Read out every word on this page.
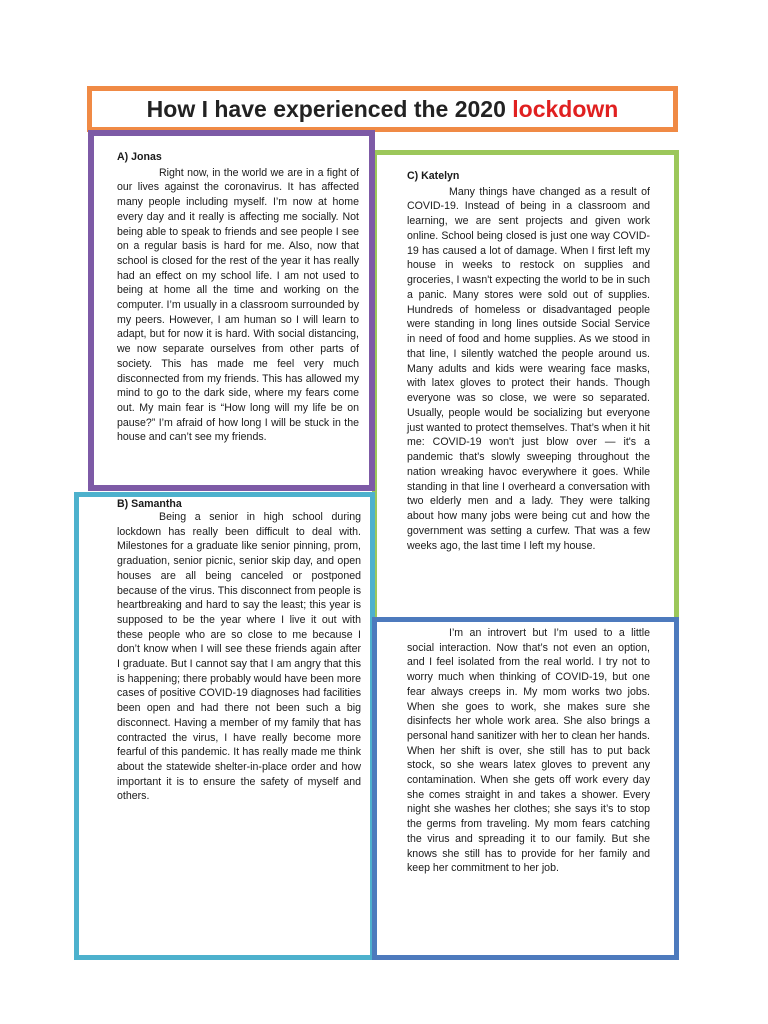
How I have experienced the 2020 lockdown

B) Samantha

Being a senior in high school during lockdown has really been difficult to deal with. Milestones for a graduate like senior pinning, prom, graduation, senior picnic, senior skip day, and open houses are all being canceled or postponed because of the virus. This disconnect from people is heartbreaking and hard to say the least; this year is supposed to be the year where I live it out with these people who are so close to me because I don’t know when I will see these friends again after I graduate. But I cannot say that I am angry that this is happening; there probably would have been more cases of positive COVID-19 diagnoses had facilities been open and had there not been such a big disconnect. Having a member of my family that has contracted the virus, I have really become more fearful of this pandemic. It has really made me think about the statewide shelter-in-place order and how important it is to ensure the safety of myself and others.

A) Jonas

Right now, in the world we are in a fight of our lives against the coronavirus. It has affected many people including myself. I’m now at home every day and it really is affecting me socially. Not being able to speak to friends and see people I see on a regular basis is hard for me. Also, now that school is closed for the rest of the year it has really had an effect on my school life. I am not used to being at home all the time and working on the computer. I’m usually in a classroom surrounded by my peers. However, I am human so I will learn to adapt, but for now it is hard. With social distancing, we now separate ourselves from other parts of society. This has made me feel very much disconnected from my friends. This has allowed my mind to go to the dark side, where my fears come out. My main fear is “How long will my life be on pause?” I’m afraid of how long I will be stuck in the house and can’t see my friends.

C) Katelyn

Many things have changed as a result of COVID-19. Instead of being in a classroom and learning, we are sent projects and given work online. School being closed is just one way COVID-19 has caused a lot of damage. When I first left my house in weeks to restock on supplies and groceries, I wasn't expecting the world to be in such a panic. Many stores were sold out of supplies. Hundreds of homeless or disadvantaged people were standing in long lines outside Social Service in need of food and home supplies. As we stood in that line, I silently watched the people around us. Many adults and kids were wearing face masks, with latex gloves to protect their hands. Though everyone was so close, we were so separated. Usually, people would be socializing but everyone just wanted to protect themselves. That’s when it hit me: COVID-19 won't just blow over — it's a pandemic that's slowly sweeping throughout the nation wreaking havoc everywhere it goes. While standing in that line I overheard a conversation with two elderly men and a lady. They were talking about how many jobs were being cut and how the government was setting a curfew. That was a few weeks ago, the last time I left my house.

I’m an introvert but I’m used to a little social interaction. Now that’s not even an option, and I feel isolated from the real world. I try not to worry much when thinking of COVID-19, but one fear always creeps in. My mom works two jobs. When she goes to work, she makes sure she disinfects her whole work area. She also brings a personal hand sanitizer with her to clean her hands. When her shift is over, she still has to put back stock, so she wears latex gloves to prevent any contamination. When she gets off work every day she comes straight in and takes a shower. Every night she washes her clothes; she says it’s to stop the germs from traveling. My mom fears catching the virus and spreading it to our family. But she knows she still has to provide for her family and keep her commitment to her job.
